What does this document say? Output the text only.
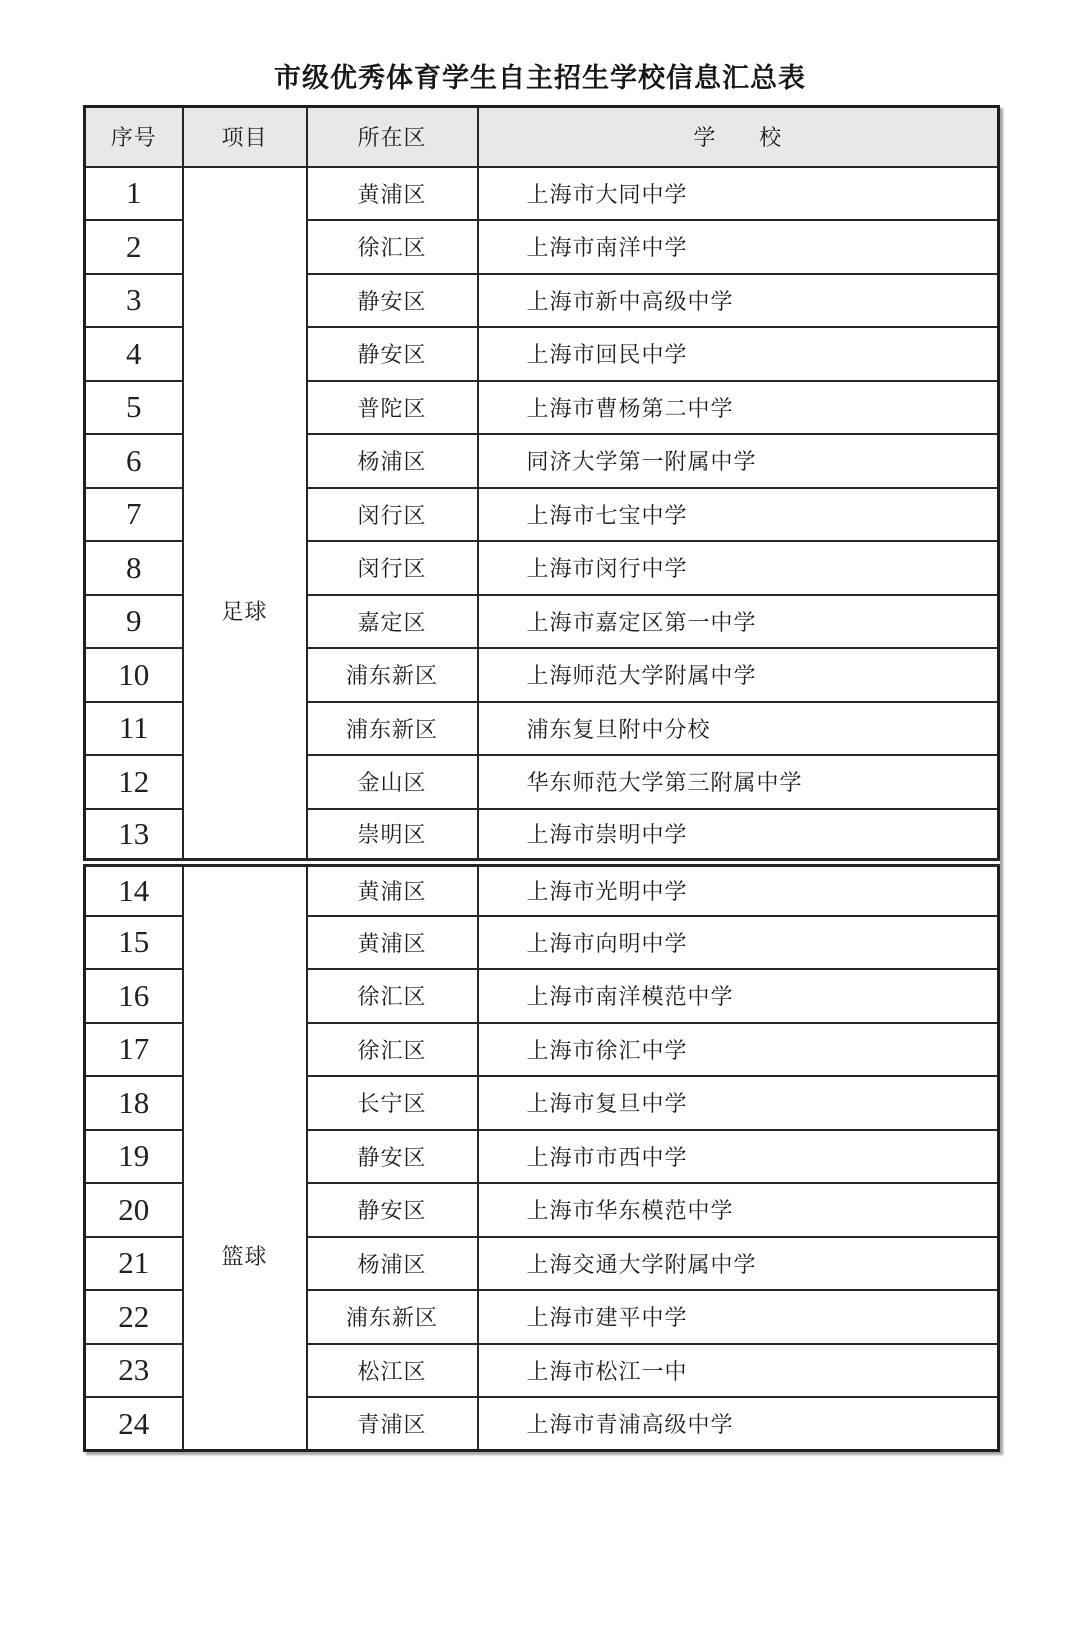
市级优秀体育学生自主招生学校信息汇总表
序号	项目	所在区	学      校
1	足球	黄浦区	上海市大同中学
2		徐汇区	上海市南洋中学
3		静安区	上海市新中高级中学
4		静安区	上海市回民中学
5		普陀区	上海市曹杨第二中学
6		杨浦区	同济大学第一附属中学
7		闵行区	上海市七宝中学
8		闵行区	上海市闵行中学
9		嘉定区	上海市嘉定区第一中学
10		浦东新区	上海师范大学附属中学
11		浦东新区	浦东复旦附中分校
12		金山区	华东师范大学第三附属中学
13		崇明区	上海市崇明中学
14	篮球	黄浦区	上海市光明中学
15		黄浦区	上海市向明中学
16		徐汇区	上海市南洋模范中学
17		徐汇区	上海市徐汇中学
18		长宁区	上海市复旦中学
19		静安区	上海市市西中学
20		静安区	上海市华东模范中学
21		杨浦区	上海交通大学附属中学
22		浦东新区	上海市建平中学
23		松江区	上海市松江一中
24		青浦区	上海市青浦高级中学
